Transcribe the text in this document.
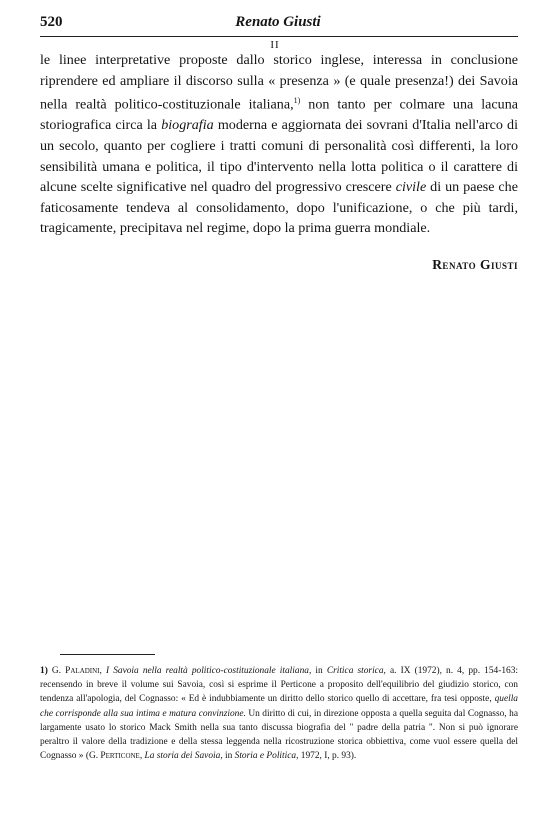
520	Renato Giusti
II
le linee interpretative proposte dallo storico inglese, interessa in conclusione riprendere ed ampliare il discorso sulla « presenza » (e quale presenza!) dei Savoia nella realtà politico-costituzionale italiana,$^{1)}$ non tanto per colmare una lacuna storiografica circa la biografia moderna e aggiornata dei sovrani d'Italia nell'arco di un secolo, quanto per cogliere i tratti comuni di personalità così differenti, la loro sensibilità umana e politica, il tipo d'intervento nella lotta politica o il carattere di alcune scelte significative nel quadro del progressivo crescere civile di un paese che faticosamente tendeva al consolidamento, dopo l'unificazione, o che più tardi, tragicamente, precipitava nel regime, dopo la prima guerra mondiale.
Renato Giusti
1) G. Paladini, I Savoia nella realtà politico-costituzionale italiana, in Critica storica, a. IX (1972), n. 4, pp. 154-163: recensendo in breve il volume sui Savoia, così si esprime il Perticone a proposito dell'equilibrio del giudizio storico, con tendenza all'apologia, del Cognasso: « Ed è indubbiamente un diritto dello storico quello di accettare, fra tesi opposte, quella che corrisponde alla sua intima e matura convinzione. Un diritto di cui, in direzione opposta a quella seguita dal Cognasso, ha largamente usato lo storico Mack Smith nella sua tanto discussa biografia del " padre della patria ". Non si può ignorare peraltro il valore della tradizione e della stessa leggenda nella ricostruzione storica obbiettiva, come vuol essere quella del Cognasso » (G. Perticone, La storia dei Savoia, in Storia e Politica, 1972, I, p. 93).
